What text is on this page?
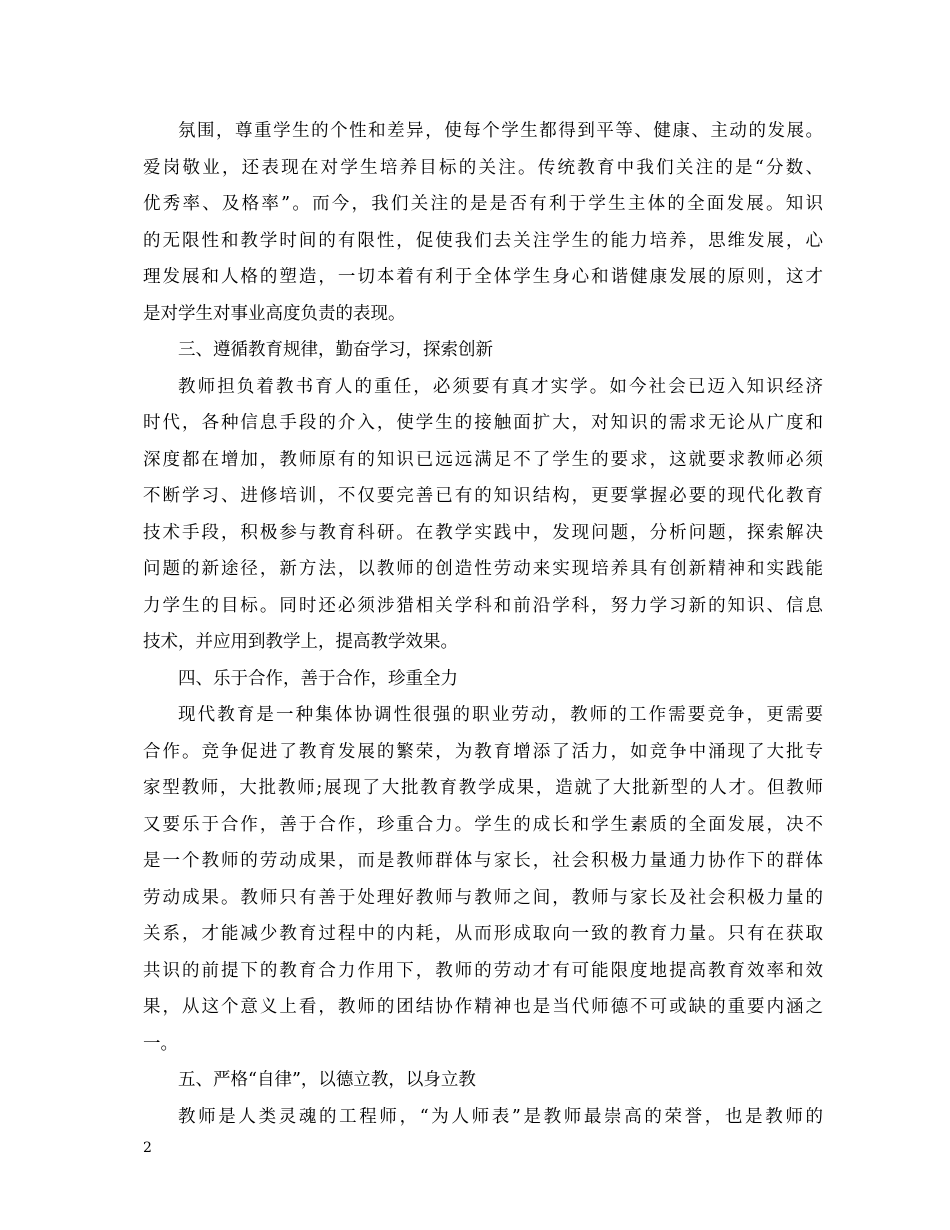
氛围，尊重学生的个性和差异，使每个学生都得到平等、健康、主动的发展。
爱岗敬业，还表现在对学生培养目标的关注。传统教育中我们关注的是“分数、
优秀率、及格率”。而今，我们关注的是是否有利于学生主体的全面发展。知识
的无限性和教学时间的有限性，促使我们去关注学生的能力培养，思维发展，心
理发展和人格的塑造，一切本着有利于全体学生身心和谐健康发展的原则，这才
是对学生对事业高度负责的表现。
三、遵循教育规律，勤奋学习，探索创新
教师担负着教书育人的重任，必须要有真才实学。如今社会已迈入知识经济
时代，各种信息手段的介入，使学生的接触面扩大，对知识的需求无论从广度和
深度都在增加，教师原有的知识已远远满足不了学生的要求，这就要求教师必须
不断学习、进修培训，不仅要完善已有的知识结构，更要掌握必要的现代化教育
技术手段，积极参与教育科研。在教学实践中，发现问题，分析问题，探索解决
问题的新途径，新方法，以教师的创造性劳动来实现培养具有创新精神和实践能
力学生的目标。同时还必须涉猎相关学科和前沿学科，努力学习新的知识、信息
技术，并应用到教学上，提高教学效果。
四、乐于合作，善于合作，珍重全力
现代教育是一种集体协调性很强的职业劳动，教师的工作需要竞争，更需要
合作。竞争促进了教育发展的繁荣，为教育增添了活力，如竞争中涌现了大批专
家型教师，大批教师;展现了大批教育教学成果，造就了大批新型的人才。但教师
又要乐于合作，善于合作，珍重合力。学生的成长和学生素质的全面发展，决不
是一个教师的劳动成果，而是教师群体与家长，社会积极力量通力协作下的群体
劳动成果。教师只有善于处理好教师与教师之间，教师与家长及社会积极力量的
关系，才能减少教育过程中的内耗，从而形成取向一致的教育力量。只有在获取
共识的前提下的教育合力作用下，教师的劳动才有可能限度地提高教育效率和效
果，从这个意义上看，教师的团结协作精神也是当代师德不可或缺的重要内涵之
一。
五、严格“自律”，以德立教，以身立教
教师是人类灵魂的工程师，“为人师表”是教师最崇高的荣誉，也是教师的
2
